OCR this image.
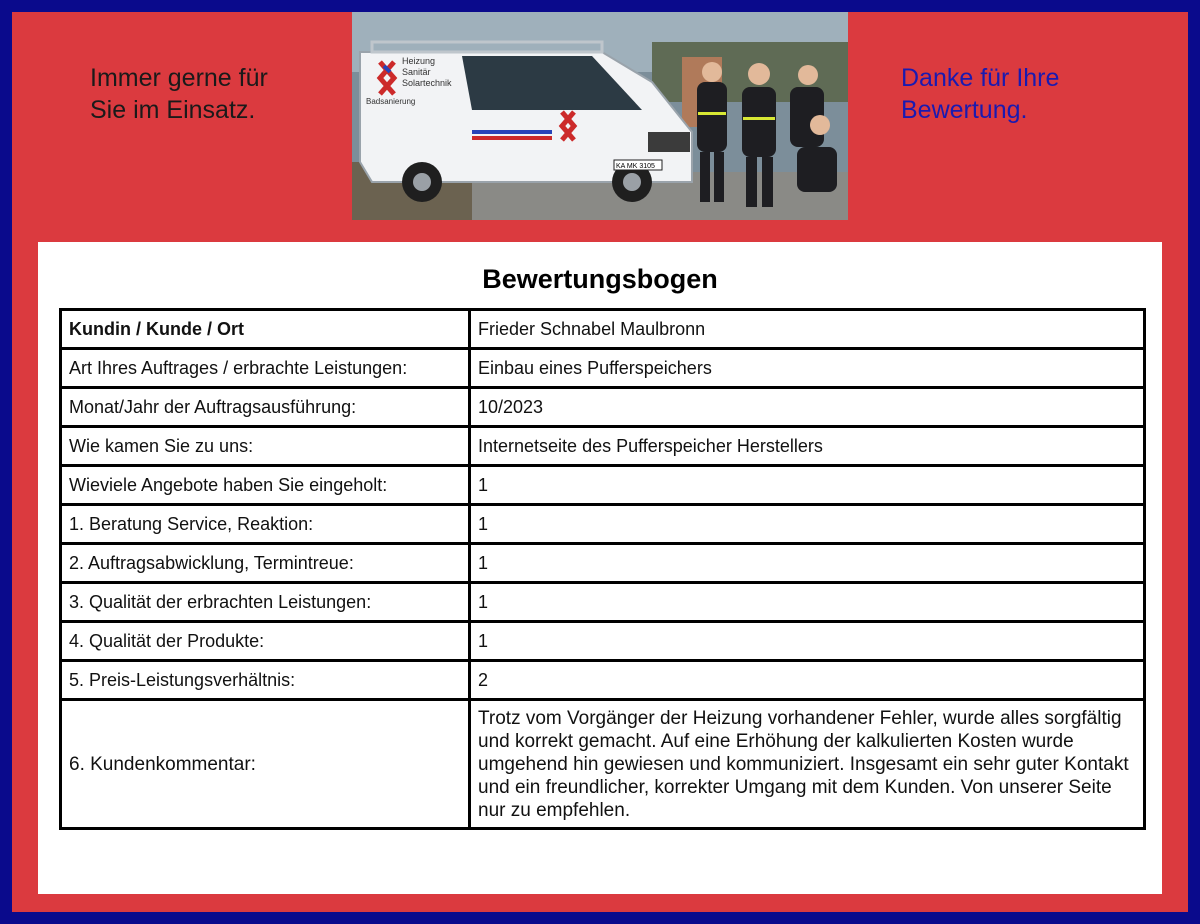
Immer gerne für
Sie im Einsatz.
Danke für Ihre
Bewertung.
KA MK 3105
Heizung
Sanitär
Solartechnik
Badsanierung
Bewertungsbogen
Kundin / Kunde / Ort	Frieder Schnabel Maulbronn
Art Ihres Auftrages / erbrachte Leistungen:	Einbau eines Pufferspeichers
Monat/Jahr der Auftragsausführung:	10/2023
Wie kamen Sie zu uns:	Internetseite des Pufferspeicher Herstellers
Wieviele Angebote haben Sie eingeholt:	1
1. Beratung Service, Reaktion:	1
2. Auftragsabwicklung, Termintreue:	1
3. Qualität der erbrachten Leistungen:	1
4. Qualität der Produkte:	1
5. Preis-Leistungsverhältnis:	2
6. Kundenkommentar:	Trotz vom Vorgänger der Heizung vorhandener Fehler, wurde alles sorgfältig und korrekt gemacht. Auf eine Erhöhung der kalkulierten Kosten wurde umgehend hin gewiesen und kommuniziert. Insgesamt ein sehr guter Kontakt und ein freundlicher, korrekter Umgang mit dem Kunden. Von unserer Seite nur zu empfehlen.
